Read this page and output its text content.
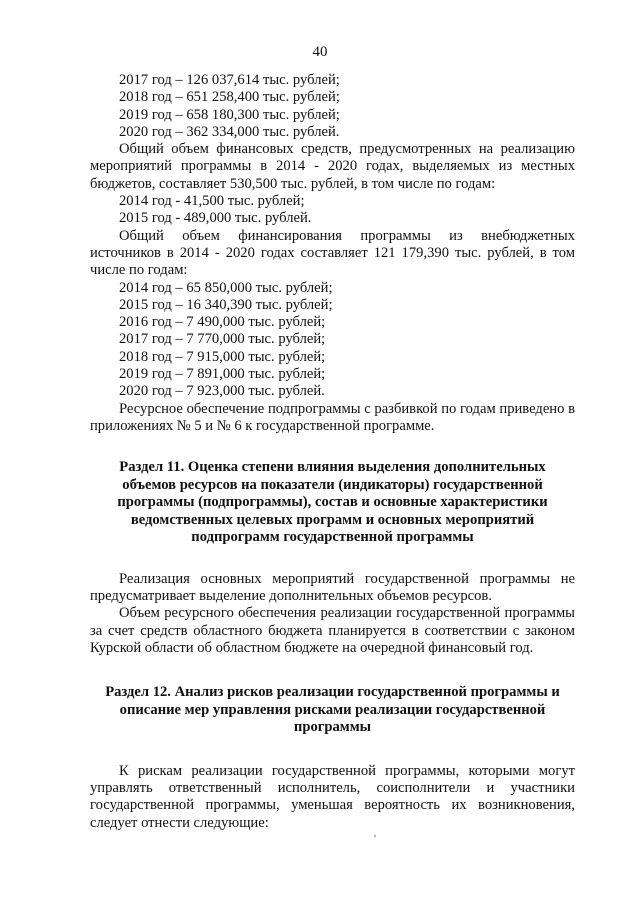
40

2017 год – 126 037,614 тыс. рублей;

2018 год – 651 258,400 тыс. рублей;

2019 год – 658 180,300 тыс. рублей;

2020 год – 362 334,000 тыс. рублей.

Общий объем финансовых средств, предусмотренных на реализацию мероприятий программы в 2014 - 2020 годах, выделяемых из местных бюджетов, составляет 530,500 тыс. рублей, в том числе по годам:

2014 год - 41,500 тыс. рублей;

2015 год - 489,000 тыс. рублей.

Общий объем финансирования программы из внебюджетных источников в 2014 - 2020 годах составляет 121 179,390 тыс. рублей, в том числе по годам:

2014 год – 65 850,000 тыс. рублей;

2015 год – 16 340,390 тыс. рублей;

2016 год – 7 490,000 тыс. рублей;

2017 год – 7 770,000 тыс. рублей;

2018 год – 7 915,000 тыс. рублей;

2019 год – 7 891,000 тыс. рублей;

2020 год – 7 923,000 тыс. рублей.

Ресурсное обеспечение подпрограммы с разбивкой по годам приведено в приложениях № 5 и № 6 к государственной программе.

Раздел 11. Оценка степени влияния выделения дополнительных объемов ресурсов на показатели (индикаторы) государственной программы (подпрограммы), состав и основные характеристики ведомственных целевых программ и основных мероприятий подпрограмм государственной программы

Реализация основных мероприятий государственной программы не предусматривает выделение дополнительных объемов ресурсов.

Объем ресурсного обеспечения реализации государственной программы за счет средств областного бюджета планируется в соответствии с законом Курской области об областном бюджете на очередной финансовый год.

Раздел 12. Анализ рисков реализации государственной программы и описание мер управления рисками реализации государственной программы

К рискам реализации государственной программы, которыми могут управлять ответственный исполнитель, соисполнители и участники государственной программы, уменьшая вероятность их возникновения, следует отнести следующие:
